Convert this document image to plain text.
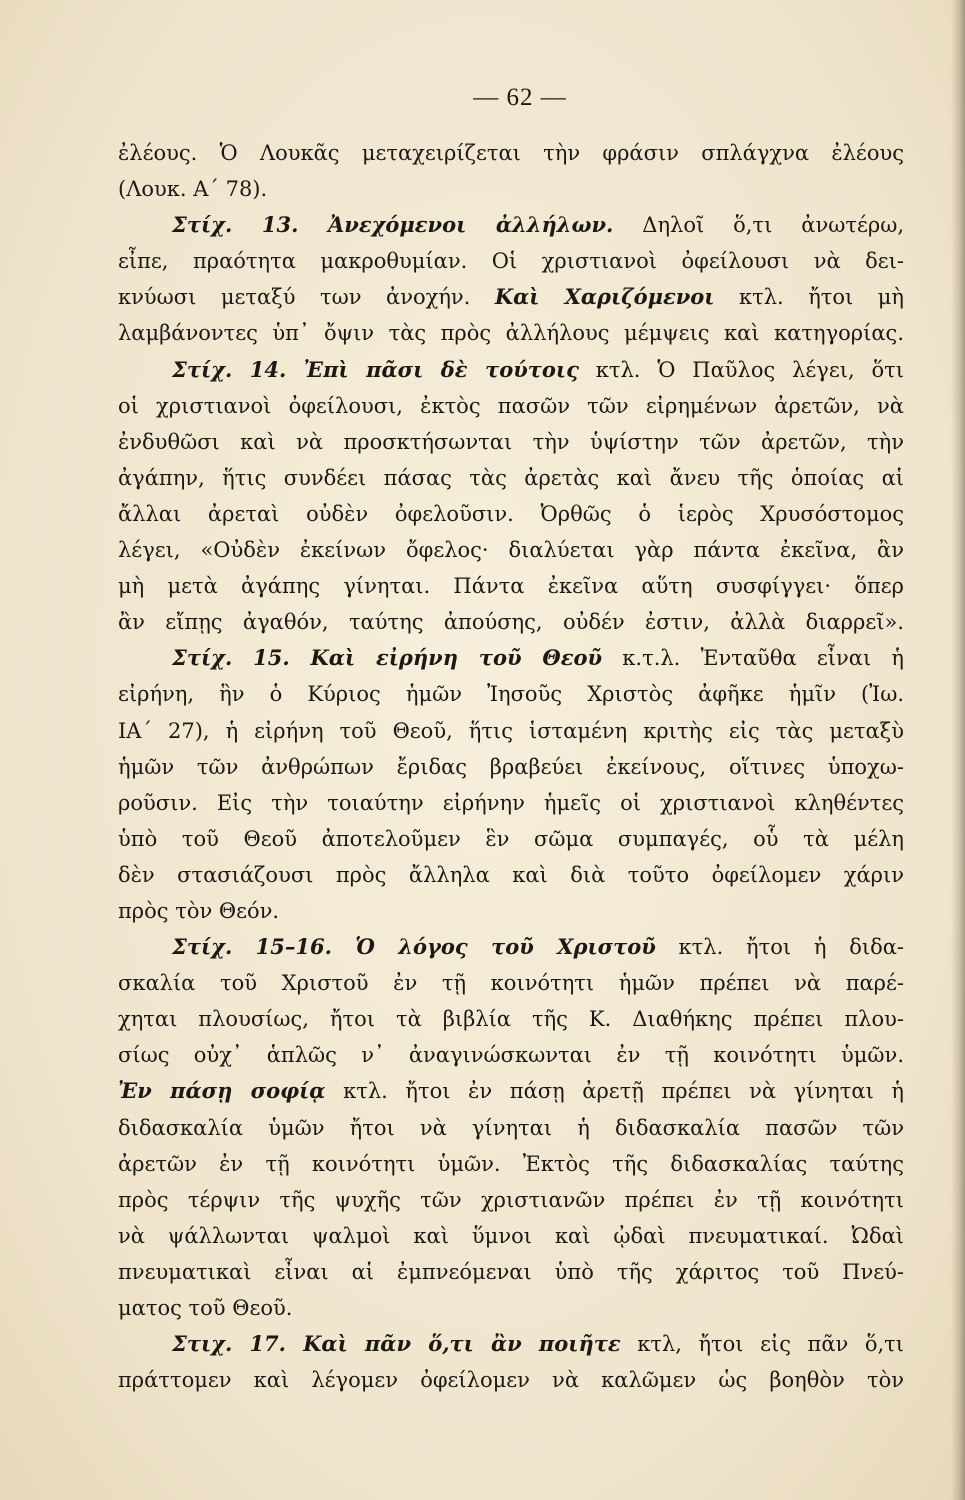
— 62 —
ἐλέους. Ὁ Λουκᾶς μεταχειρίζεται τὴν φράσιν σπλάγχνα ἐλέους
(Λουκ. Α΄ 78).
Στίχ. 13. Ἀνεχόμενοι ἀλλήλων. Δηλοῖ ὅ,τι ἀνωτέρω,
εἶπε, πραότητα μακροθυμίαν. Οἱ χριστιανοὶ ὀφείλουσι νὰ δει-
κνύωσι μεταξύ των ἀνοχήν. Καὶ Χαριζόμενοι κτλ. ἤτοι μὴ
λαμβάνοντες ὑπ᾿ ὄψιν τὰς πρὸς ἀλλήλους μέμψεις καὶ κατηγορίας.
Στίχ. 14. Ἐπὶ πᾶσι δὲ τούτοις κτλ. Ὁ Παῦλος λέγει, ὅτι
οἱ χριστιανοὶ ὀφείλουσι, ἐκτὸς πασῶν τῶν εἰρημένων ἀρετῶν, νὰ
ἐνδυθῶσι καὶ νὰ προσκτήσωνται τὴν ὑψίστην τῶν ἀρετῶν, τὴν
ἀγάπην, ἥτις συνδέει πάσας τὰς ἀρετὰς καὶ ἄνευ τῆς ὁποίας αἱ
ἄλλαι ἀρεταὶ οὐδὲν ὀφελοῦσιν. Ὀρθῶς ὁ ἱερὸς Χρυσόστομος
λέγει, «Οὐδὲν ἐκείνων ὄφελος· διαλύεται γὰρ πάντα ἐκεῖνα, ἂν
μὴ μετὰ ἀγάπης γίνηται. Πάντα ἐκεῖνα αὕτη συσφίγγει· ὅπερ
ἂν εἴπῃς ἀγαθόν, ταύτης ἀπούσης, οὐδέν ἐστιν, ἀλλὰ διαρρεῖ».
Στίχ. 15. Καὶ εἰρήνη τοῦ Θεοῦ κ.τ.λ. Ἐνταῦθα εἶναι ἡ
εἰρήνη, ἣν ὁ Κύριος ἡμῶν Ἰησοῦς Χριστὸς ἀφῆκε ἡμῖν (Ἰω.
ΙΑ΄ 27), ἡ εἰρήνη τοῦ Θεοῦ, ἥτις ἱσταμένη κριτὴς εἰς τὰς μεταξὺ
ἡμῶν τῶν ἀνθρώπων ἔριδας βραβεύει ἐκείνους, οἵτινες ὑποχω-
ροῦσιν. Εἰς τὴν τοιαύτην εἰρήνην ἡμεῖς οἱ χριστιανοὶ κληθέντες
ὑπὸ τοῦ Θεοῦ ἀποτελοῦμεν ἓν σῶμα συμπαγές, οὗ τὰ μέλη
δὲν στασιάζουσι πρὸς ἄλληλα καὶ διὰ τοῦτο ὀφείλομεν χάριν
πρὸς τὸν Θεόν.
Στίχ. 15–16. Ὁ λόγος τοῦ Χριστοῦ κτλ. ἤτοι ἡ διδα-
σκαλία τοῦ Χριστοῦ ἐν τῇ κοινότητι ἡμῶν πρέπει νὰ παρέ-
χηται πλουσίως, ἤτοι τὰ βιβλία τῆς Κ. Διαθήκης πρέπει πλου-
σίως οὐχ᾿ ἁπλῶς ν᾿ ἀναγινώσκωνται ἐν τῇ κοινότητι ὑμῶν.
Ἐν πάσῃ σοφίᾳ κτλ. ἤτοι ἐν πάσῃ ἀρετῇ πρέπει νὰ γίνηται ἡ
διδασκαλία ὑμῶν ἤτοι νὰ γίνηται ἡ διδασκαλία πασῶν τῶν
ἀρετῶν ἐν τῇ κοινότητι ὑμῶν. Ἐκτὸς τῆς διδασκαλίας ταύτης
πρὸς τέρψιν τῆς ψυχῆς τῶν χριστιανῶν πρέπει ἐν τῇ κοινότητι
νὰ ψάλλωνται ψαλμοὶ καὶ ὕμνοι καὶ ᾠδαὶ πνευματικαί. Ὠδαὶ
πνευματικαὶ εἶναι αἱ ἐμπνεόμεναι ὑπὸ τῆς χάριτος τοῦ Πνεύ-
ματος τοῦ Θεοῦ.
Στιχ. 17. Καὶ πᾶν ὅ,τι ἂν ποιῆτε κτλ, ἤτοι εἰς πᾶν ὅ,τι
πράττομεν καὶ λέγομεν ὀφείλομεν νὰ καλῶμεν ὡς βοηθὸν τὸν
